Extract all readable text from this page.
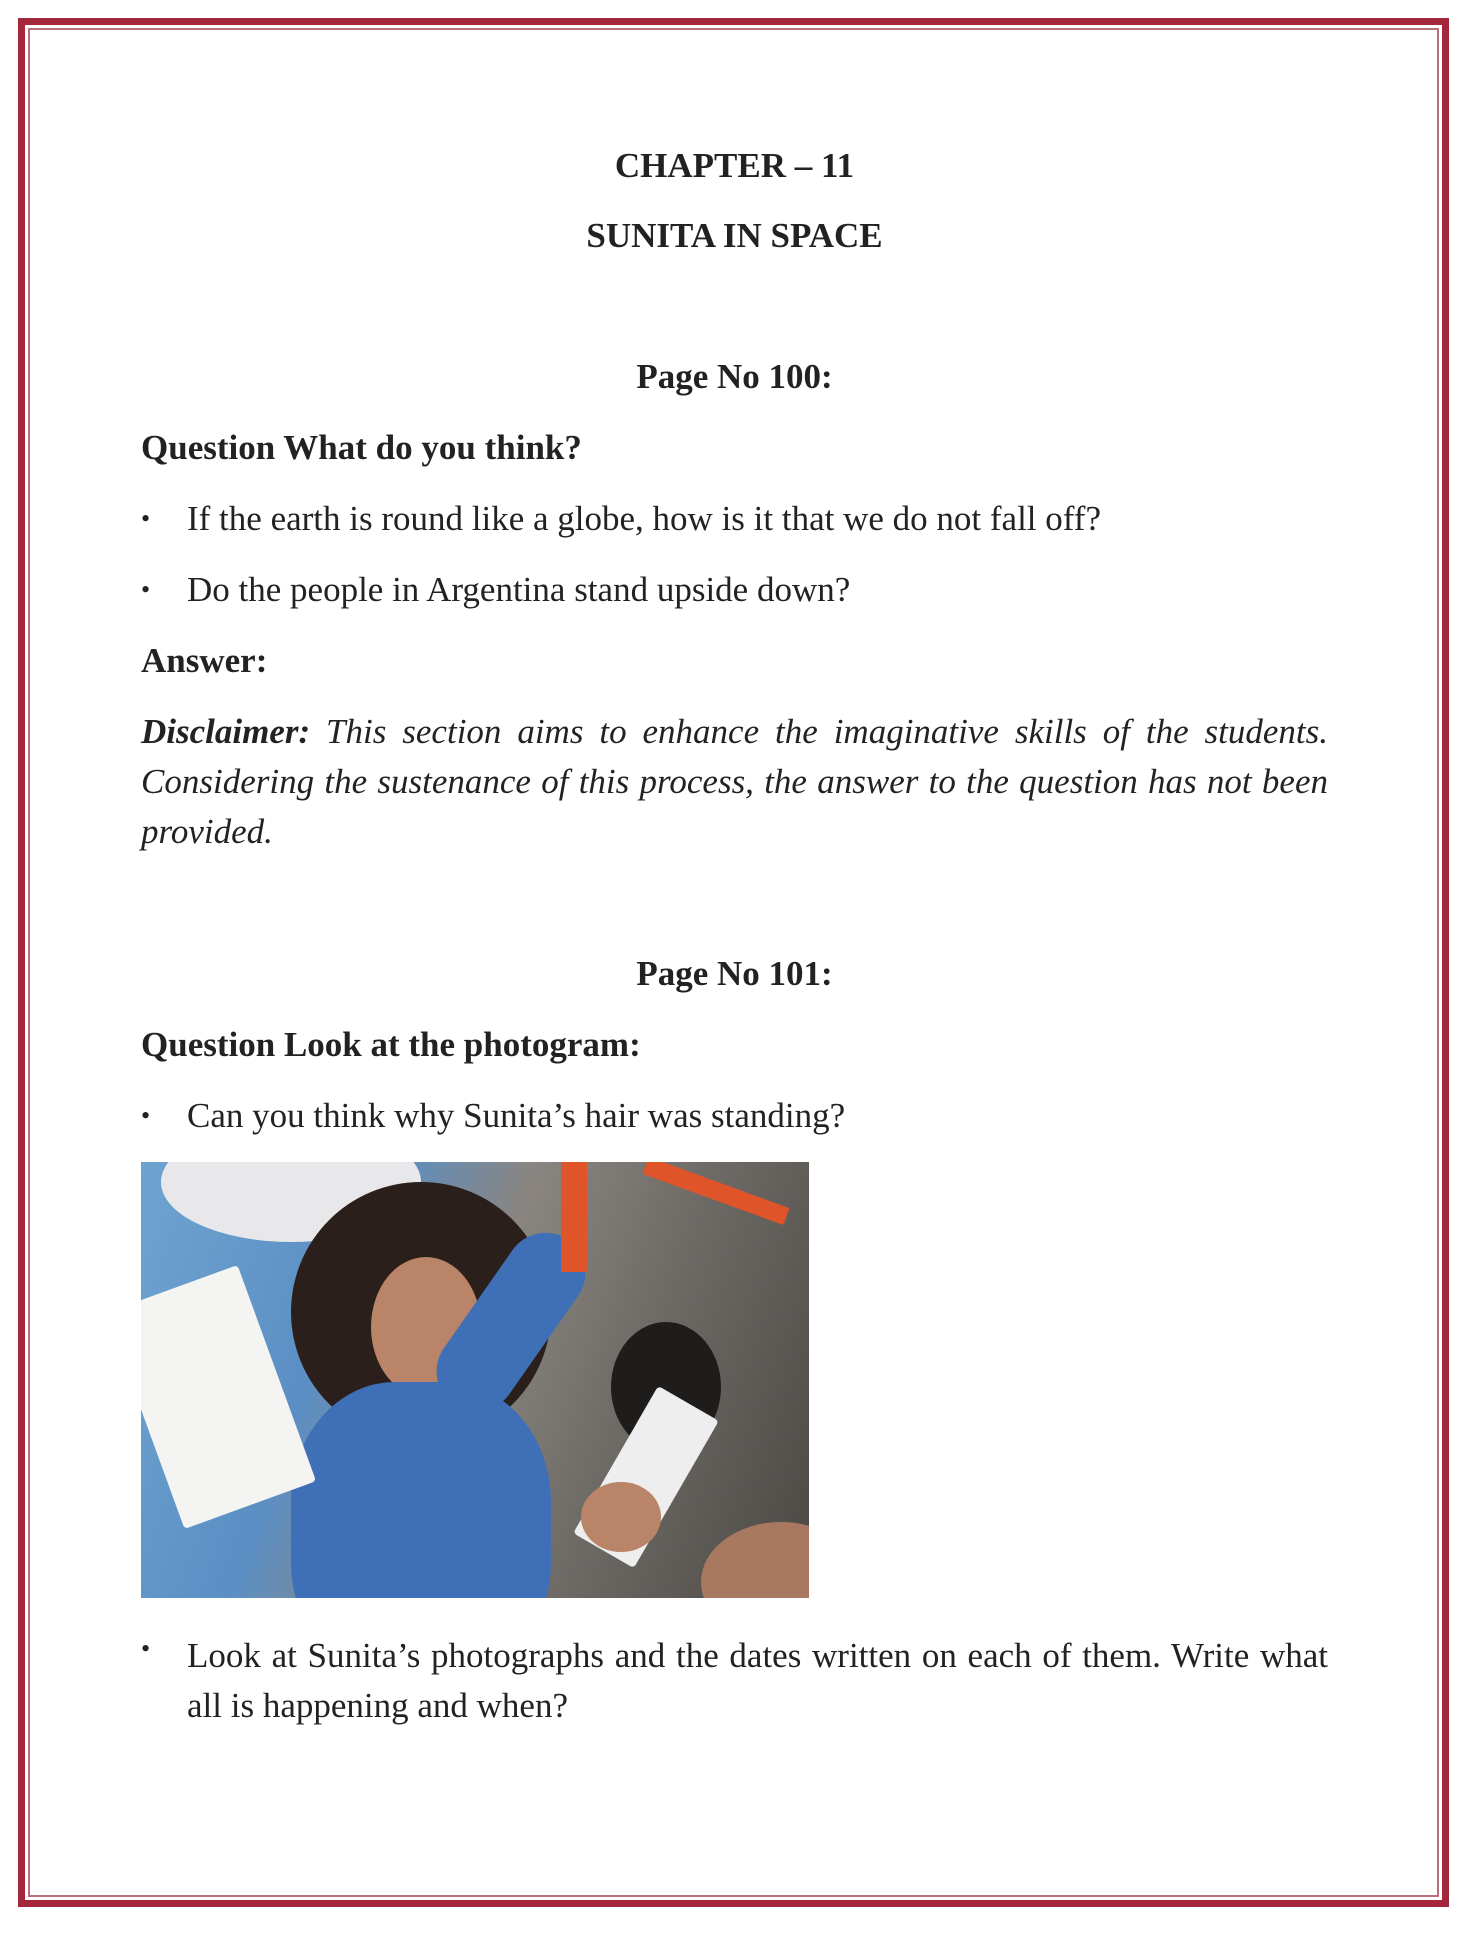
CHAPTER – 11
SUNITA IN SPACE
Page No 100:
Question What do you think?
• If the earth is round like a globe, how is it that we do not fall off?
• Do the people in Argentina stand upside down?
Answer:
Disclaimer: This section aims to enhance the imaginative skills of the students. Considering the sustenance of this process, the answer to the question has not been provided.
Page No 101:
Question Look at the photogram:
• Can you think why Sunita’s hair was standing?
• Look at Sunita’s photographs and the dates written on each of them. Write what all is happening and when?
